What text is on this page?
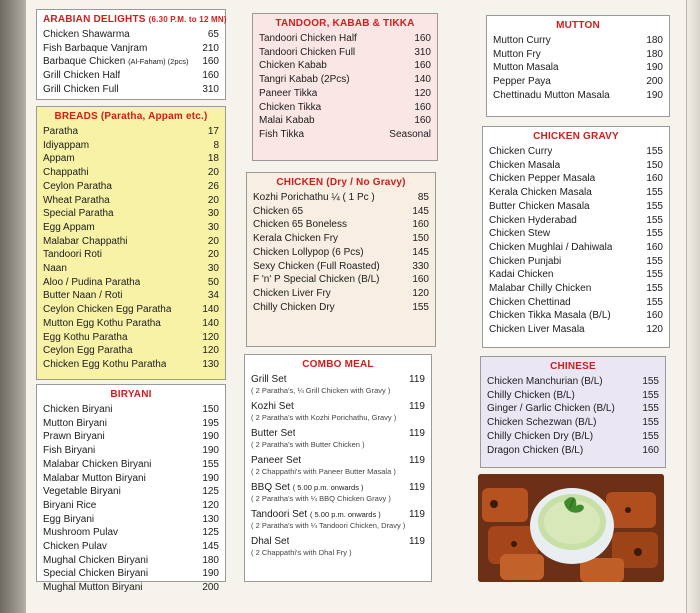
ARABIAN DELIGHTS (6.30 P.M. to 12 MN)
Chicken Shawarma	65
Fish Barbaque Vanjram	210
Barbaque Chicken (Al-Faham) (2pcs)	160
Grill Chicken Half	160
Grill Chicken Full	310
BREADS (Paratha, Appam etc.)
Paratha	17
Idiyappam	8
Appam	18
Chappathi	20
Ceylon Paratha	26
Wheat Paratha	20
Special Paratha	30
Egg Appam	30
Malabar Chappathi	20
Tandoori Roti	20
Naan	30
Aloo / Pudina Paratha	50
Butter Naan / Roti	34
Ceylon Chicken Egg Paratha	140
Mutton Egg Kothu Paratha	140
Egg Kothu Paratha	120
Ceylon Egg Paratha	120
Chicken Egg Kothu Paratha	130
BIRYANI
Chicken Biryani	150
Mutton Biryani	195
Prawn Biryani	190
Fish Biryani	190
Malabar Chicken Biryani	155
Malabar Mutton Biryani	190
Vegetable Biryani	125
Biryani Rice	120
Egg Biryani	130
Mushroom Pulav	125
Chicken Pulav	145
Mughal Chicken Biryani	180
Special Chicken Biryani	190
Mughal Mutton Biryani	200
TANDOOR, KABAB & TIKKA
Tandoori Chicken Half	160
Tandoori Chicken Full	310
Chicken Kabab	160
Tangri Kabab (2Pcs)	140
Paneer Tikka	120
Chicken Tikka	160
Malai Kabab	160
Fish Tikka	Seasonal
CHICKEN (Dry / No Gravy)
Kozhi Porichathu ¼ ( 1 Pc )	85
Chicken 65	145
Chicken 65 Boneless	160
Kerala Chicken Fry	150
Chicken Lollypop (6 Pcs)	145
Sexy Chicken (Full Roasted)	330
F 'n' P Special Chicken (B/L)	160
Chicken Liver Fry	120
Chilly Chicken Dry	155
COMBO MEAL
Grill Set	119
( 2 Paratha's, ¼ Grill Chicken with Gravy )
Kozhi Set	119
( 2 Paratha's with Kozhi Porichathu, Gravy )
Butter Set	119
( 2 Paratha's with Butter Chicken )
Paneer Set	119
( 2 Chappathi's with Paneer Butter Masala )
BBQ Set ( 5.00 p.m. onwards )	119
( 2 Paratha's with ¼ BBQ Chicken Gravy )
Tandoori Set ( 5.00 p.m. onwards )	119
( 2 Paratha's with ¼ Tandoori Chicken, Dravy )
Dhal Set	119
( 2 Chappathi's with Dhal Fry )
MUTTON
Mutton Curry	180
Mutton Fry	180
Mutton Masala	190
Pepper Paya	200
Chettinadu Mutton Masala	190
CHICKEN GRAVY
Chicken Curry	155
Chicken Masala	150
Chicken Pepper Masala	160
Kerala Chicken Masala	155
Butter Chicken Masala	155
Chicken Hyderabad	155
Chicken Stew	155
Chicken Mughlai / Dahiwala	160
Chicken Punjabi	155
Kadai Chicken	155
Malabar Chilly Chicken	155
Chicken Chettinad	155
Chicken Tikka Masala (B/L)	160
Chicken Liver Masala	120
CHINESE
Chicken Manchurian (B/L)	155
Chilly Chicken (B/L)	155
Ginger / Garlic Chicken (B/L)	155
Chicken Schezwan (B/L)	155
Chilly Chicken Dry (B/L)	155
Dragon Chicken (B/L)	160
